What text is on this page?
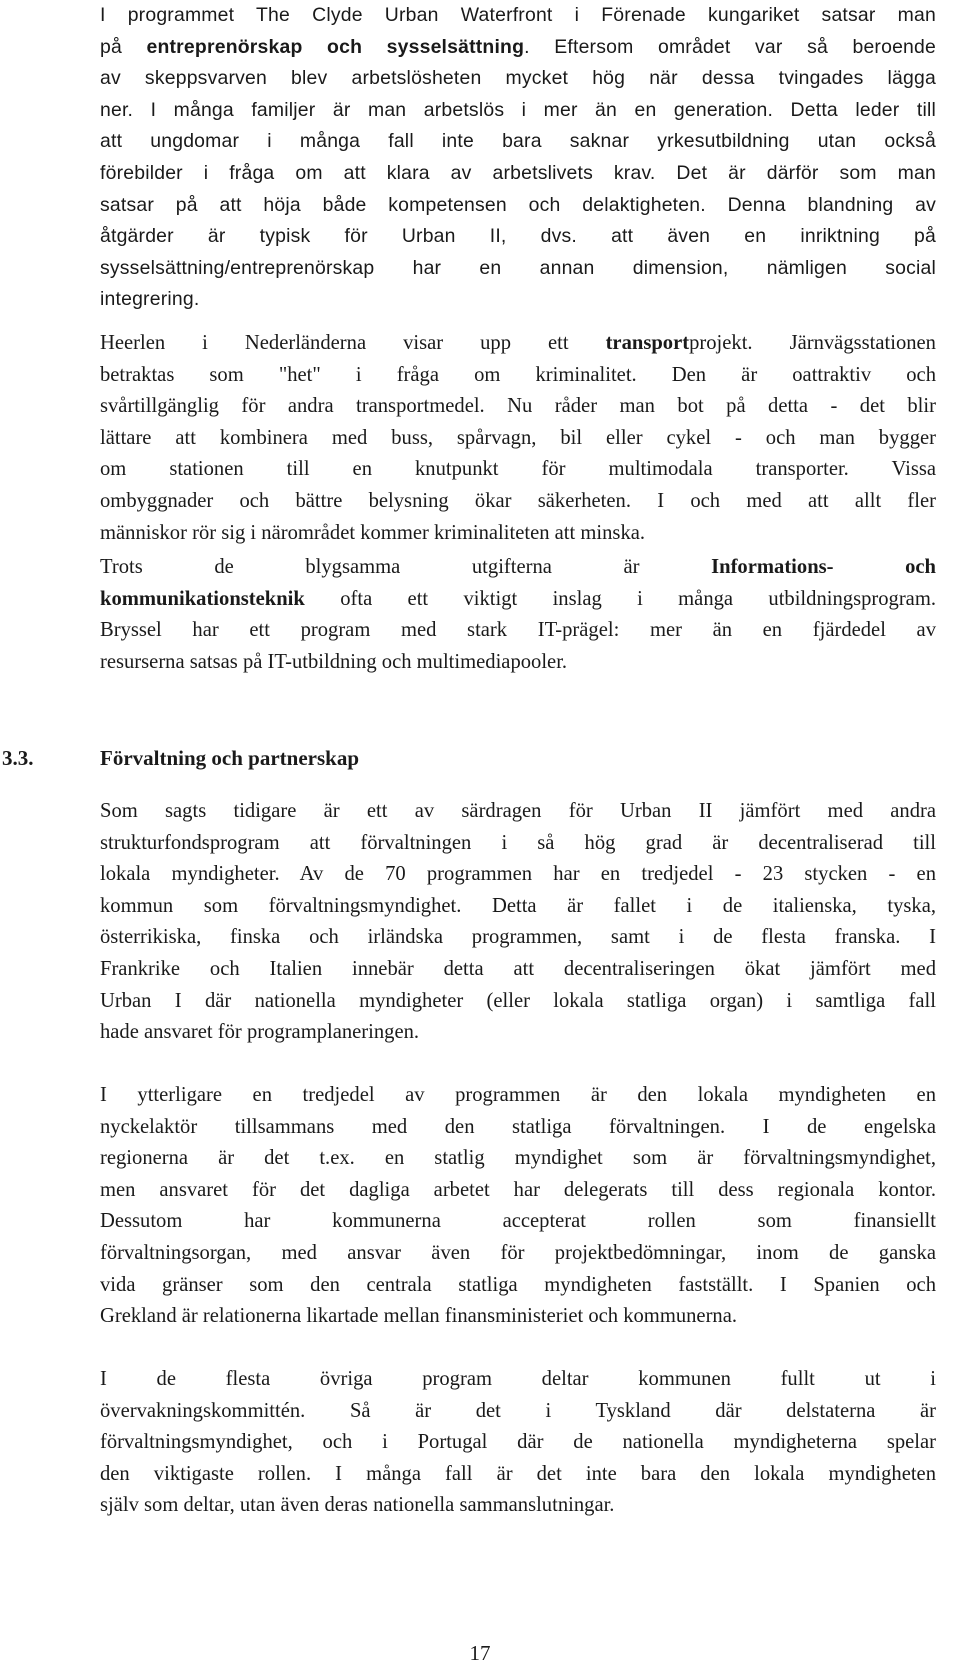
I programmet The Clyde Urban Waterfront i Förenade kungariket satsar man
på entreprenörskap och sysselsättning. Eftersom området var så beroende
av skeppsvarven blev arbetslösheten mycket hög när dessa tvingades lägga
ner. I många familjer är man arbetslös i mer än en generation. Detta leder till
att ungdomar i många fall inte bara saknar yrkesutbildning utan också
förebilder i fråga om att klara av arbetslivets krav. Det är därför som man
satsar på att höja både kompetensen och delaktigheten. Denna blandning av
åtgärder är typisk för Urban II, dvs. att även en inriktning på
sysselsättning/entreprenörskap har en annan dimension, nämligen social
integrering.
Heerlen i Nederländerna visar upp ett transportprojekt. Järnvägsstationen
betraktas som "het" i fråga om kriminalitet. Den är oattraktiv och
svårtillgänglig för andra transportmedel. Nu råder man bot på detta - det blir
lättare att kombinera med buss, spårvagn, bil eller cykel - och man bygger
om stationen till en knutpunkt för multimodala transporter. Vissa
ombyggnader och bättre belysning ökar säkerheten. I och med att allt fler
människor rör sig i närområdet kommer kriminaliteten att minska.
Trots de blygsamma utgifterna är Informations- och
kommunikationsteknik ofta ett viktigt inslag i många utbildningsprogram.
Bryssel har ett program med stark IT-prägel: mer än en fjärdedel av
resurserna satsas på IT-utbildning och multimediapooler.
3.3.	Förvaltning och partnerskap
Som sagts tidigare är ett av särdragen för Urban II jämfört med andra
strukturfondsprogram att förvaltningen i så hög grad är decentraliserad till
lokala myndigheter. Av de 70 programmen har en tredjedel - 23 stycken - en
kommun som förvaltningsmyndighet. Detta är fallet i de italienska, tyska,
österrikiska, finska och irländska programmen, samt i de flesta franska. I
Frankrike och Italien innebär detta att decentraliseringen ökat jämfört med
Urban I där nationella myndigheter (eller lokala statliga organ) i samtliga fall
hade ansvaret för programplaneringen.
I ytterligare en tredjedel av programmen är den lokala myndigheten en
nyckelaktör tillsammans med den statliga förvaltningen. I de engelska
regionerna är det t.ex. en statlig myndighet som är förvaltningsmyndighet,
men ansvaret för det dagliga arbetet har delegerats till dess regionala kontor.
Dessutom har kommunerna accepterat rollen som finansiellt
förvaltningsorgan, med ansvar även för projektbedömningar, inom de ganska
vida gränser som den centrala statliga myndigheten fastställt. I Spanien och
Grekland är relationerna likartade mellan finansministeriet och kommunerna.
I de flesta övriga program deltar kommunen fullt ut i
övervakningskommittén. Så är det i Tyskland där delstaterna är
förvaltningsmyndighet, och i Portugal där de nationella myndigheterna spelar
den viktigaste rollen. I många fall är det inte bara den lokala myndigheten
själv som deltar, utan även deras nationella sammanslutningar.
17
